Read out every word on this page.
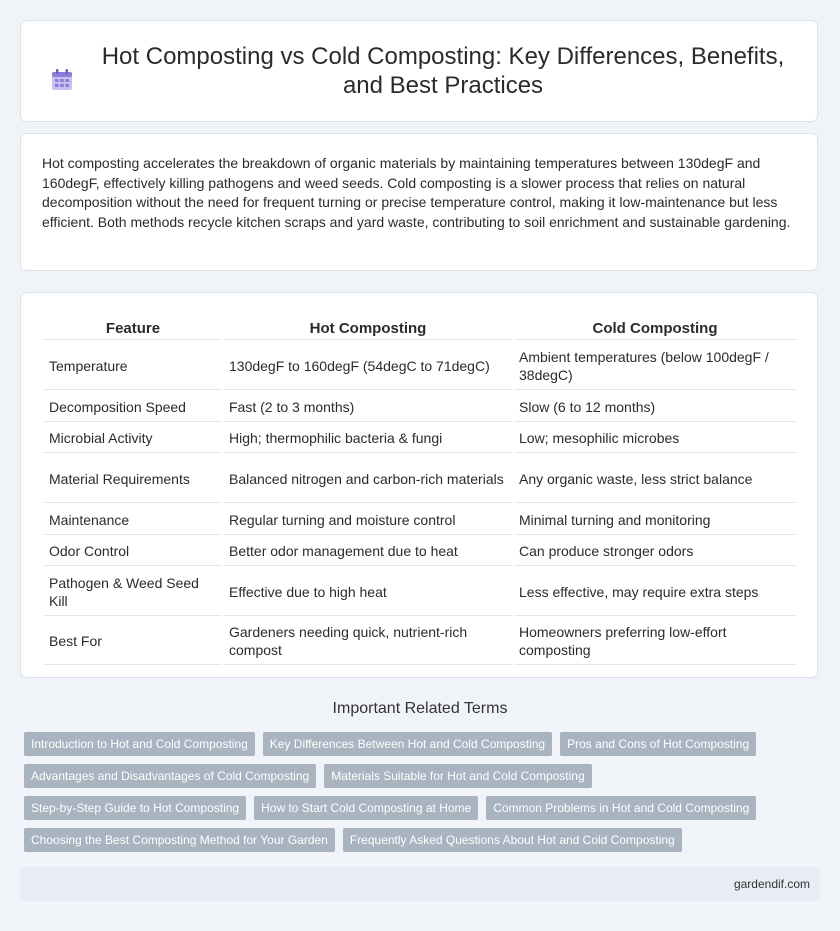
Hot Composting vs Cold Composting: Key Differences, Benefits, and Best Practices

Hot composting accelerates the breakdown of organic materials by maintaining temperatures between 130degF and 160degF, effectively killing pathogens and weed seeds. Cold composting is a slower process that relies on natural decomposition without the need for frequent turning or precise temperature control, making it low-maintenance but less efficient. Both methods recycle kitchen scraps and yard waste, contributing to soil enrichment and sustainable gardening.

Feature	Hot Composting	Cold Composting
Temperature	130degF to 160degF (54degC to 71degC)	Ambient temperatures (below 100degF / 38degC)
Decomposition Speed	Fast (2 to 3 months)	Slow (6 to 12 months)
Microbial Activity	High; thermophilic bacteria & fungi	Low; mesophilic microbes
Material Requirements	Balanced nitrogen and carbon-rich materials	Any organic waste, less strict balance
Maintenance	Regular turning and moisture control	Minimal turning and monitoring
Odor Control	Better odor management due to heat	Can produce stronger odors
Pathogen & Weed Seed Kill	Effective due to high heat	Less effective, may require extra steps
Best For	Gardeners needing quick, nutrient-rich compost	Homeowners preferring low-effort composting
Important Related Terms
Introduction to Hot and Cold Composting	Key Differences Between Hot and Cold Composting	Pros and Cons of Hot Composting
Advantages and Disadvantages of Cold Composting	Materials Suitable for Hot and Cold Composting
Step-by-Step Guide to Hot Composting	How to Start Cold Composting at Home	Common Problems in Hot and Cold Composting
Choosing the Best Composting Method for Your Garden	Frequently Asked Questions About Hot and Cold Composting
gardendif.com
